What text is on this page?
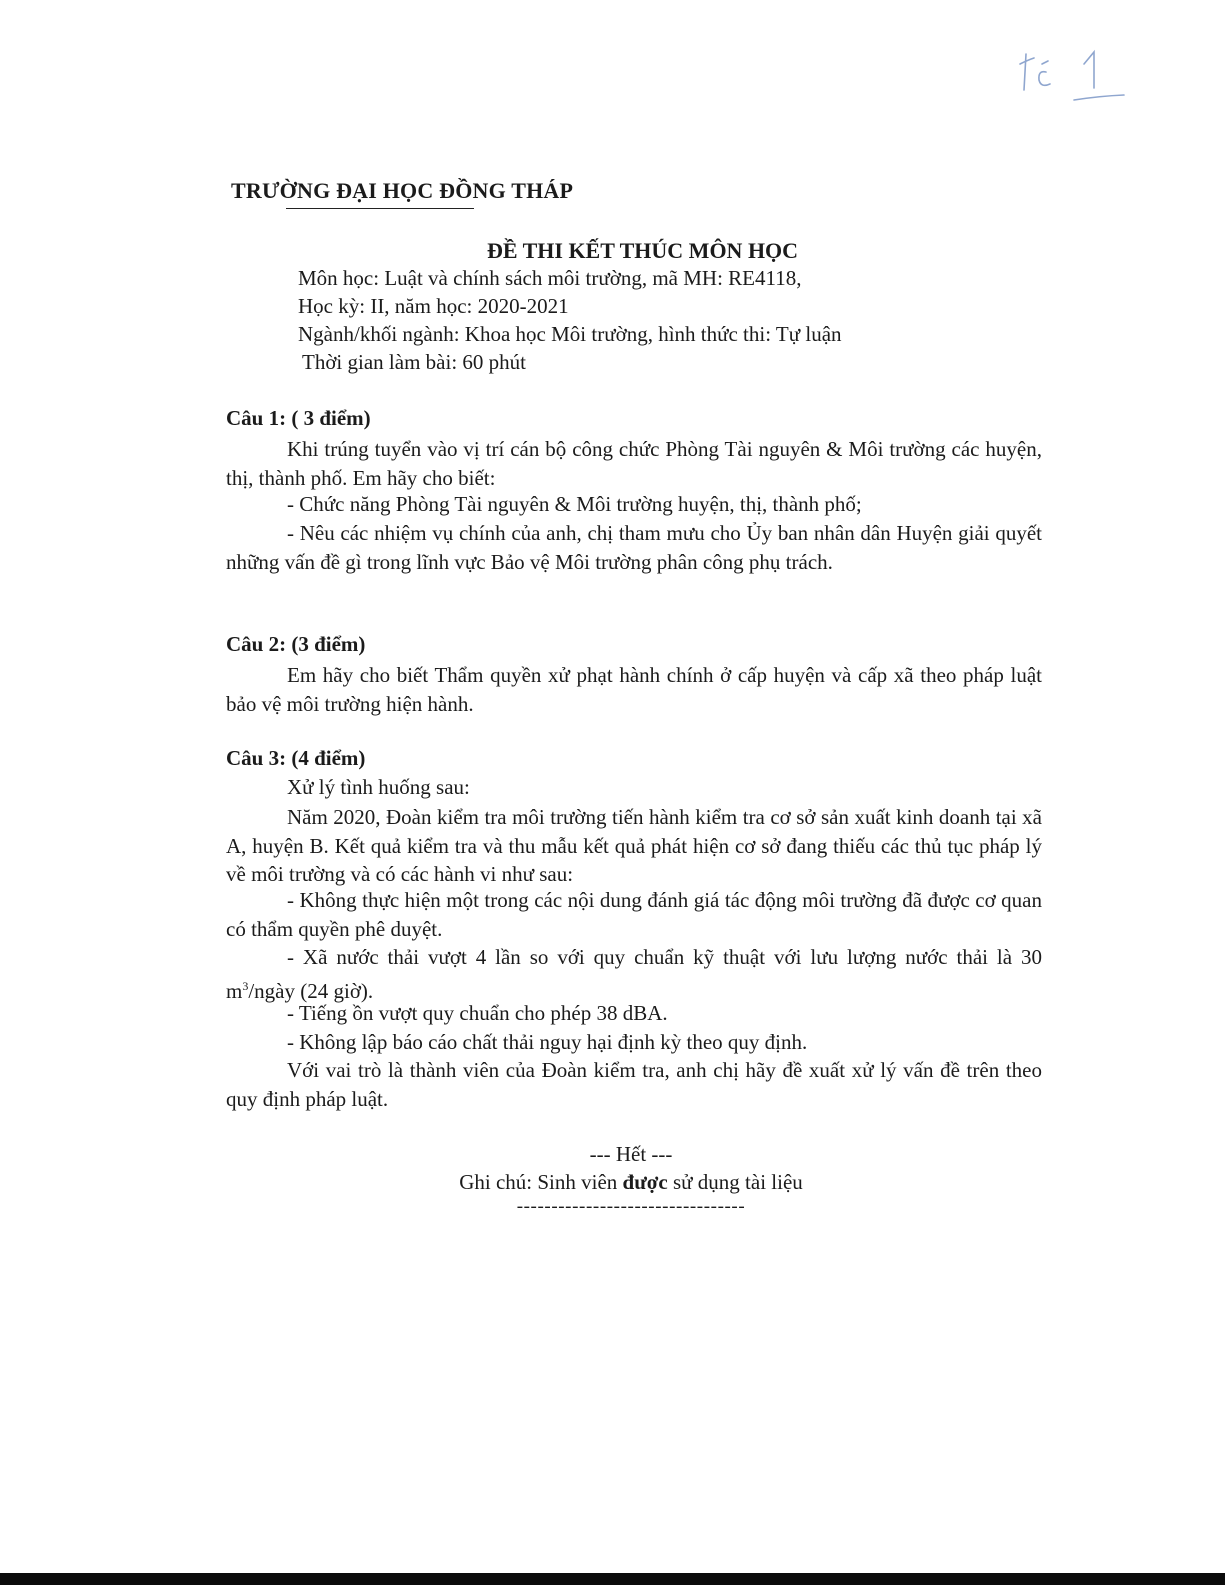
TRƯỜNG ĐẠI HỌC ĐỒNG THÁP
ĐỀ THI KẾT THÚC MÔN HỌC
Môn học: Luật và chính sách môi trường, mã MH: RE4118,
Học kỳ: II, năm học: 2020-2021
Ngành/khối ngành: Khoa học Môi trường, hình thức thi: Tự luận
Thời gian làm bài: 60 phút
Câu 1: ( 3 điểm)
Khi trúng tuyển vào vị trí cán bộ công chức Phòng Tài nguyên & Môi trường các huyện, thị, thành phố. Em hãy cho biết:
- Chức năng Phòng Tài nguyên & Môi trường huyện, thị, thành phố;
- Nêu các nhiệm vụ chính của anh, chị tham mưu cho Ủy ban nhân dân Huyện giải quyết những vấn đề gì trong lĩnh vực Bảo vệ Môi trường phân công phụ trách.
Câu 2: (3 điểm)
Em hãy cho biết Thẩm quyền xử phạt hành chính ở cấp huyện và cấp xã theo pháp luật bảo vệ môi trường hiện hành.
Câu 3: (4 điểm)
Xử lý tình huống sau:
Năm 2020, Đoàn kiểm tra môi trường tiến hành kiểm tra cơ sở sản xuất kinh doanh tại xã A, huyện B. Kết quả kiểm tra và thu mẫu kết quả phát hiện cơ sở đang thiếu các thủ tục pháp lý về môi trường và có các hành vi như sau:
- Không thực hiện một trong các nội dung đánh giá tác động môi trường đã được cơ quan có thẩm quyền phê duyệt.
- Xã nước thải vượt 4 lần so với quy chuẩn kỹ thuật với lưu lượng nước thải là 30 $m^3$/ngày (24 giờ).
- Tiếng ồn vượt quy chuẩn cho phép 38 dBA.
- Không lập báo cáo chất thải nguy hại định kỳ theo quy định.
Với vai trò là thành viên của Đoàn kiểm tra, anh chị hãy đề xuất xử lý vấn đề trên theo quy định pháp luật.
--- Hết ---
Ghi chú: Sinh viên được sử dụng tài liệu
---------------------------------
